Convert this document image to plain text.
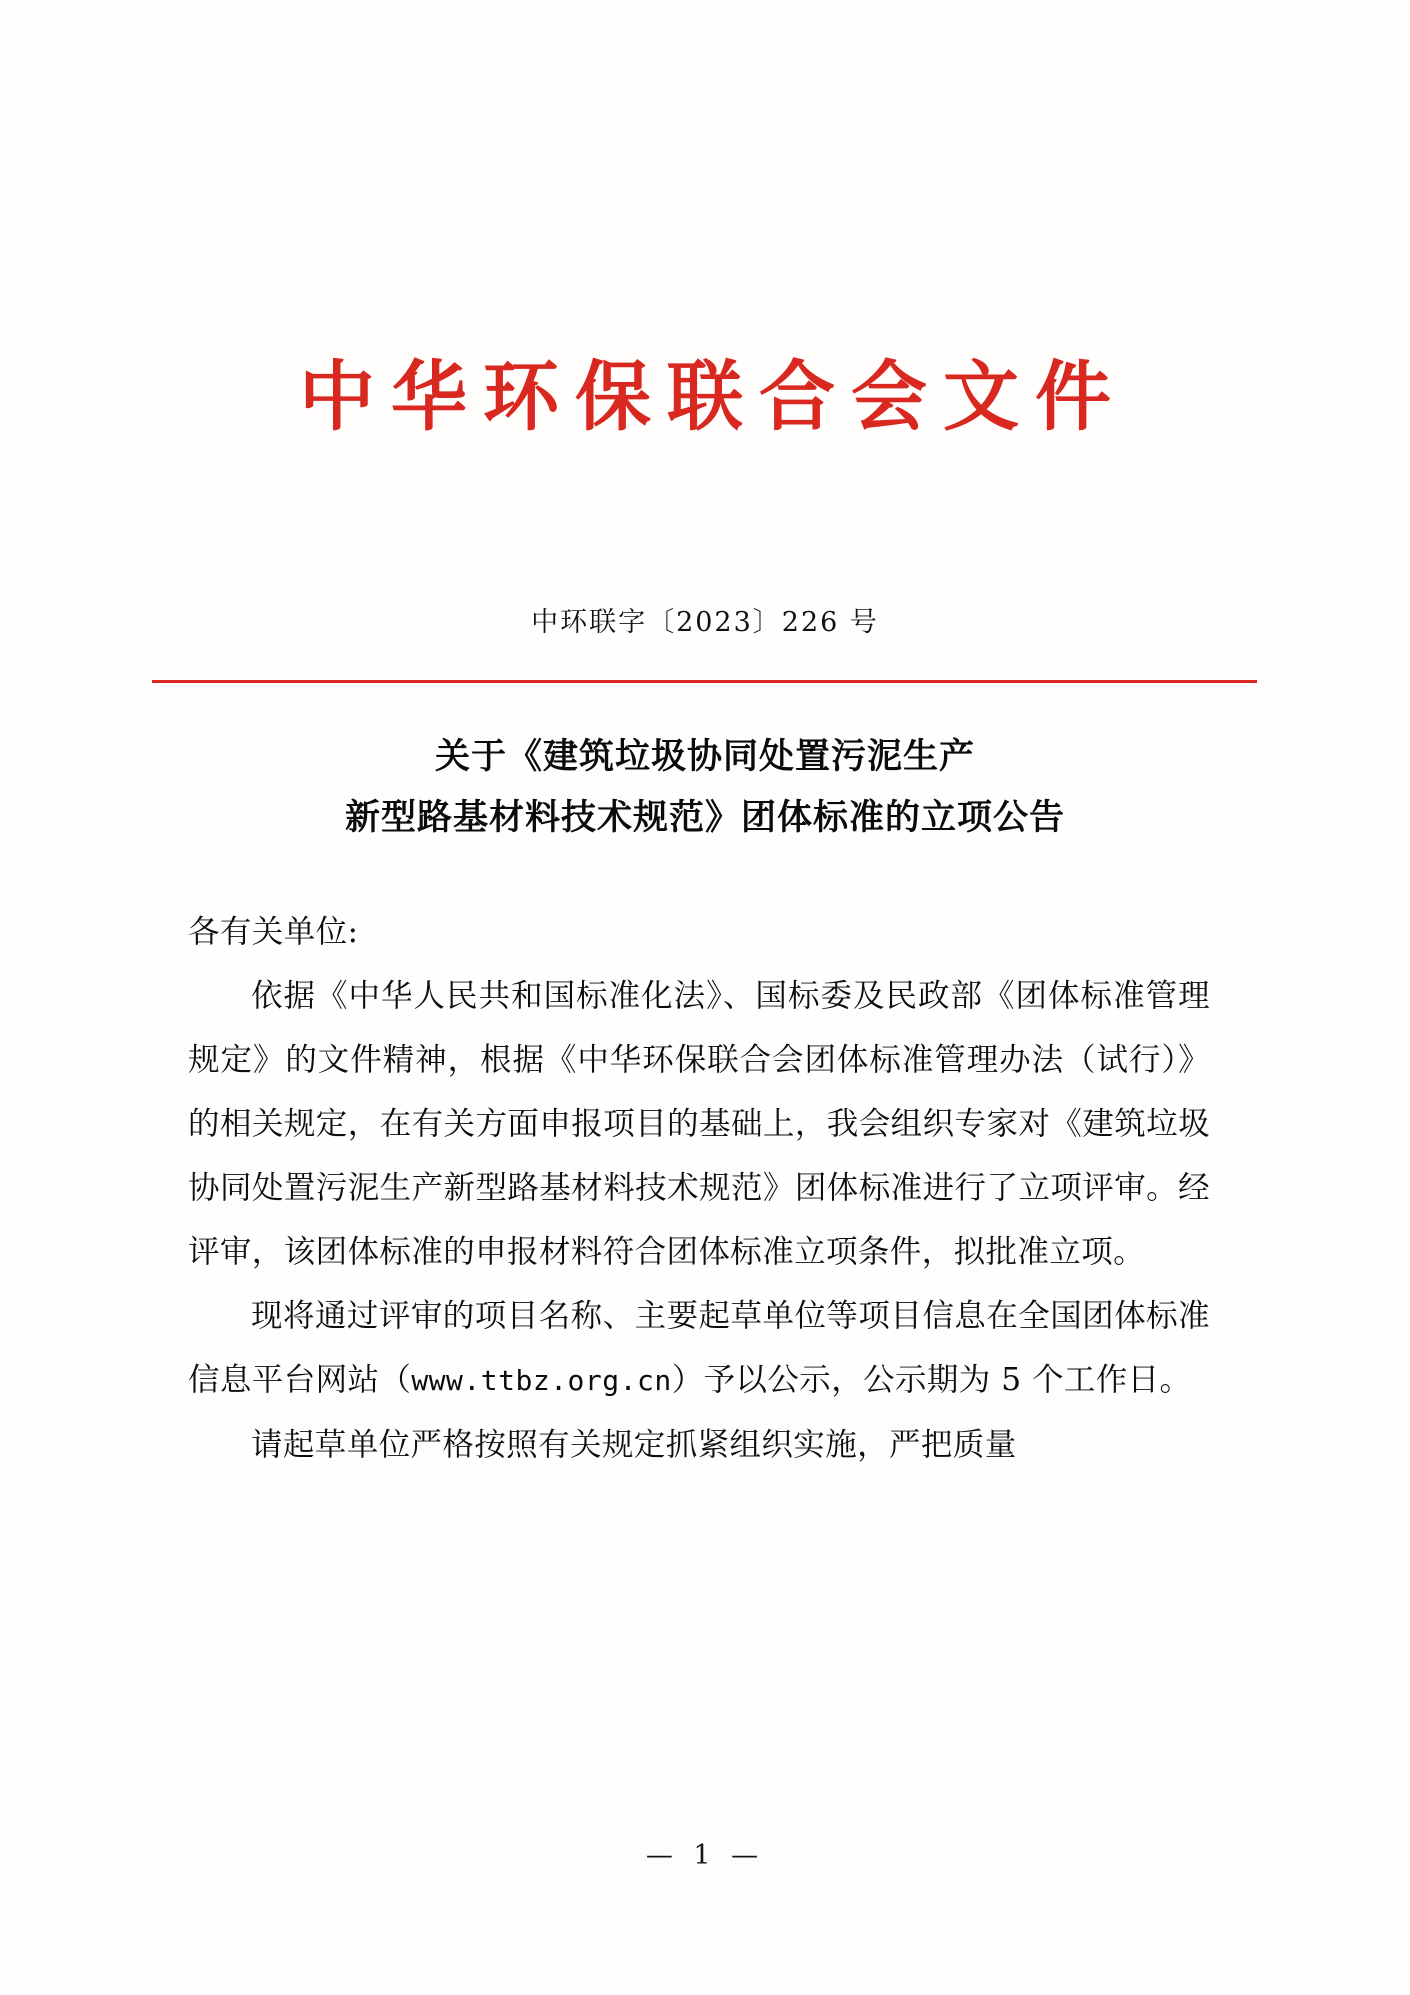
中华环保联合会文件
中环联字〔2023〕226 号
关于《建筑垃圾协同处置污泥生产
新型路基材料技术规范》团体标准的立项公告

各有关单位:

依据《中华人民共和国标准化法》、国标委及民政部《团体标准管理规定》的文件精神，根据《中华环保联合会团体标准管理办法（试行）》的相关规定，在有关方面申报项目的基础上，我会组织专家对《建筑垃圾协同处置污泥生产新型路基材料技术规范》团体标准进行了立项评审。经评审，该团体标准的申报材料符合团体标准立项条件，拟批准立项。

现将通过评审的项目名称、主要起草单位等项目信息在全国团体标准信息平台网站（www.ttbz.org.cn）予以公示，公示期为 5 个工作日。

请起草单位严格按照有关规定抓紧组织实施，严把质量

— 1 —
